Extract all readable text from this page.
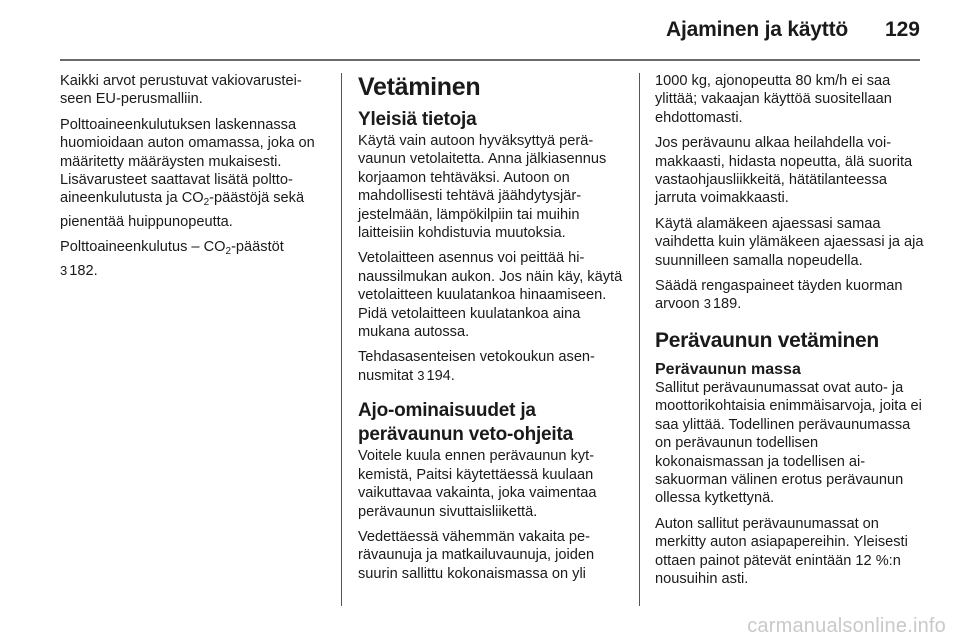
Ajaminen ja käyttö 129

Kaikki arvot perustuvat vakiovarusteiseen EU-perusmalliin.

Polttoaineenkulutuksen laskennassa huomioidaan auton omamassa, joka on määritetty määräysten mukaisesti. Lisävarusteet saattavat lisätä polttoaineenkulutusta ja $CO_2$-päästöjä sekä pienentää huippunopeutta.

Polttoaineenkulutus – $CO_2$-päästöt
3 182.

Vetäminen
Yleisiä tietoja

Käytä vain autoon hyväksyttyä perävaunun vetolaitetta. Anna jälkiasennus korjaamon tehtäväksi. Autoon on mahdollisesti tehtävä jäähdytysjärjestelmään, lämpökilpiin tai muihin laitteisiin kohdistuvia muutoksia.

Vetolaitteen asennus voi peittää hinaussilmukan aukon. Jos näin käy, käytä vetolaitteen kuulatankoa hinaamiseen. Pidä vetolaitteen kuulatankoa aina mukana autossa.

Tehdasasenteisen vetokoukun asennusmitat 3 194.

Ajo-ominaisuudet ja
perävaunun veto-ohjeita

Voitele kuula ennen perävaunun kytkemistä, Paitsi käytettäessä kuulaan vaikuttavaa vakainta, joka vaimentaa perävaunun sivuttaisliikettä.

Vedettäessä vähemmän vakaita perävaunuja ja matkailuvaunuja, joiden suurin sallittu kokonaismassa on yli

1000 kg, ajonopeutta 80 km/h ei saa ylittää; vakaajan käyttöä suositellaan ehdottomasti.

Jos perävaunu alkaa heilahdella voimakkaasti, hidasta nopeutta, älä suorita vastaohjausliikkeitä, hätätilanteessa jarruta voimakkaasti.

Käytä alamäkeen ajaessasi samaa vaihdetta kuin ylämäkeen ajaessasi ja aja suunnilleen samalla nopeudella.

Säädä rengaspaineet täyden kuorman arvoon 3 189.

Perävaunun vetäminen
Perävaunun massa

Sallitut perävaunumassat ovat auto- ja moottorikohtaisia enimmäisarvoja, joita ei saa ylittää. Todellinen perävaunumassa on perävaunun todellisen kokonaismassan ja todellisen aisakuorman välinen erotus perävaunun ollessa kytkettynä.

Auton sallitut perävaunumassat on merkitty auton asiapapereihin. Yleisesti ottaen painot pätevät enintään 12 %:n nousuihin asti.

carmanualsonline.info
